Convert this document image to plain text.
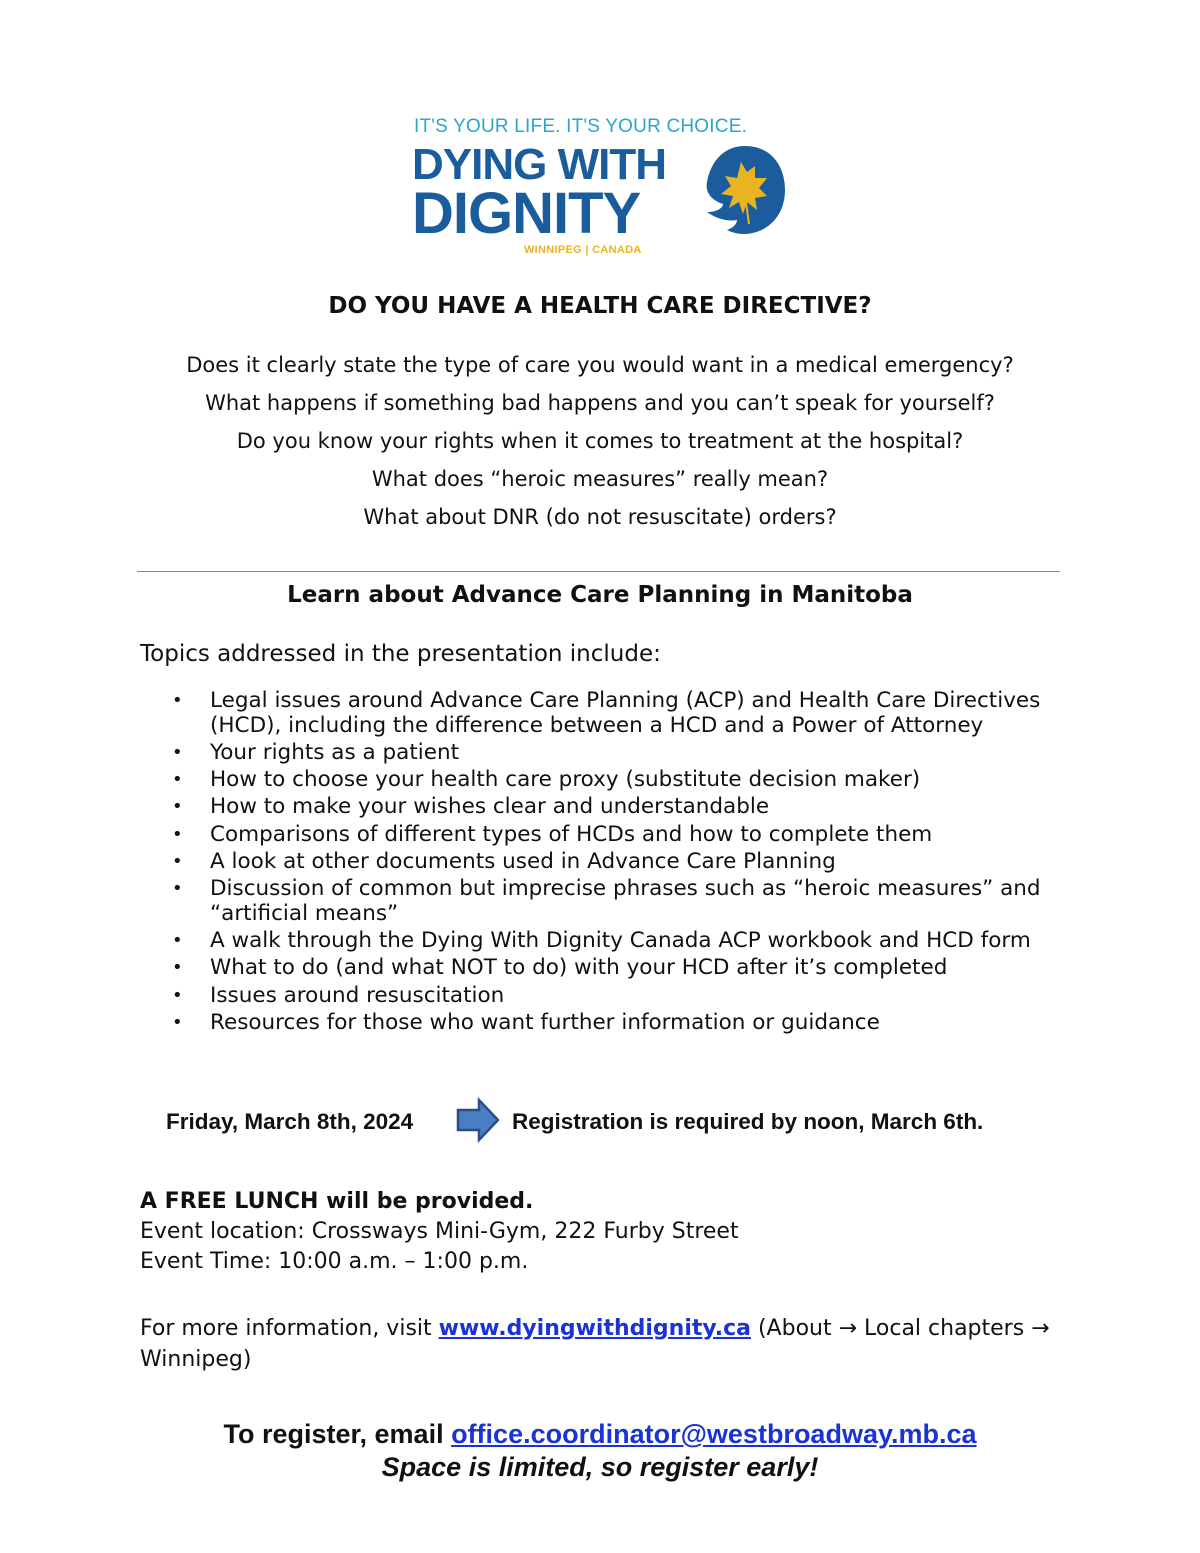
IT'S YOUR LIFE. IT'S YOUR CHOICE.
DYING WITH
DIGNITY
WINNIPEG | CANADA
DO YOU HAVE A HEALTH CARE DIRECTIVE?
Does it clearly state the type of care you would want in a medical emergency?
What happens if something bad happens and you can’t speak for yourself?
Do you know your rights when it comes to treatment at the hospital?
What does “heroic measures” really mean?
What about DNR (do not resuscitate) orders?
Learn about Advance Care Planning in Manitoba
Topics addressed in the presentation include:
• Legal issues around Advance Care Planning (ACP) and Health Care Directives (HCD), including the difference between a HCD and a Power of Attorney
• Your rights as a patient
• How to choose your health care proxy (substitute decision maker)
• How to make your wishes clear and understandable
• Comparisons of different types of HCDs and how to complete them
• A look at other documents used in Advance Care Planning
• Discussion of common but imprecise phrases such as “heroic measures” and “artificial means”
• A walk through the Dying With Dignity Canada ACP workbook and HCD form
• What to do (and what NOT to do) with your HCD after it’s completed
• Issues around resuscitation
• Resources for those who want further information or guidance
Friday, March 8th, 2024	Registration is required by noon, March 6th.
A FREE LUNCH will be provided.
Event location: Crossways Mini-Gym, 222 Furby Street
Event Time: 10:00 a.m. – 1:00 p.m.
For more information, visit www.dyingwithdignity.ca (About → Local chapters → Winnipeg)
To register, email office.coordinator@westbroadway.mb.ca
Space is limited, so register early!
